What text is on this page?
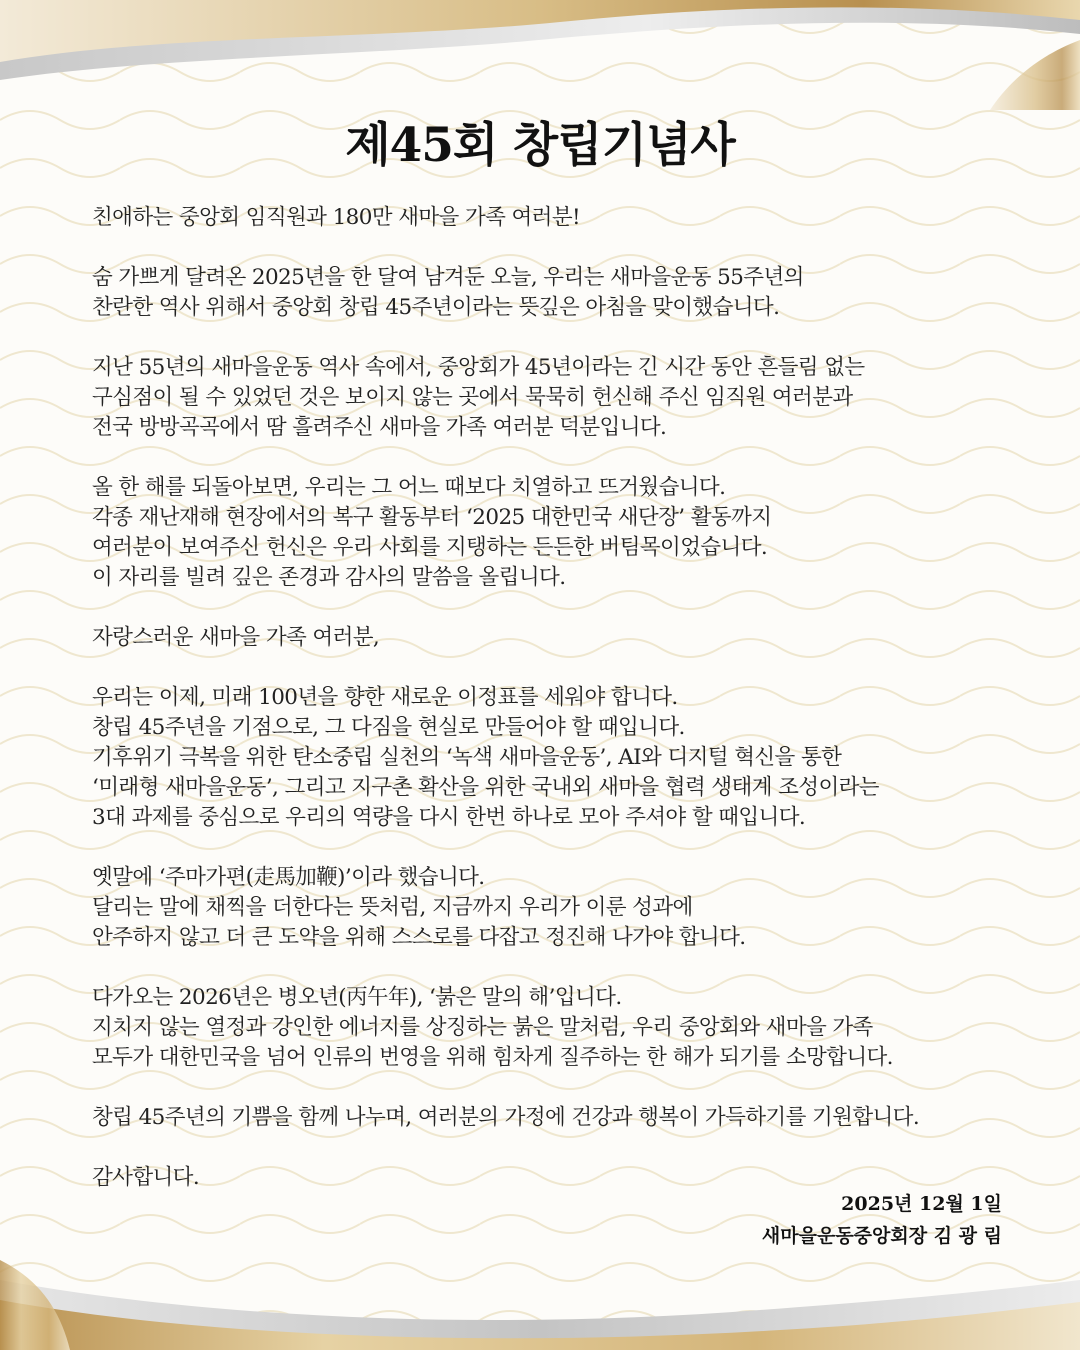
제45회 창립기념사

친애하는 중앙회 임직원과 180만 새마을 가족 여러분!

숨 가쁘게 달려온 2025년을 한 달여 남겨둔 오늘, 우리는 새마을운동 55주년의
찬란한 역사 위해서 중앙회 창립 45주년이라는 뜻깊은 아침을 맞이했습니다.

지난 55년의 새마을운동 역사 속에서, 중앙회가 45년이라는 긴 시간 동안 흔들림 없는
구심점이 될 수 있었던 것은 보이지 않는 곳에서 묵묵히 헌신해 주신 임직원 여러분과
전국 방방곡곡에서 땀 흘려주신 새마을 가족 여러분 덕분입니다.

올 한 해를 되돌아보면, 우리는 그 어느 때보다 치열하고 뜨거웠습니다.
각종 재난재해 현장에서의 복구 활동부터 ‘2025 대한민국 새단장’ 활동까지
여러분이 보여주신 헌신은 우리 사회를 지탱하는 든든한 버팀목이었습니다.
이 자리를 빌려 깊은 존경과 감사의 말씀을 올립니다.

자랑스러운 새마을 가족 여러분,

우리는 이제, 미래 100년을 향한 새로운 이정표를 세워야 합니다.
창립 45주년을 기점으로, 그 다짐을 현실로 만들어야 할 때입니다.
기후위기 극복을 위한 탄소중립 실천의 ‘녹색 새마을운동’, AI와 디지털 혁신을 통한
‘미래형 새마을운동’, 그리고 지구촌 확산을 위한 국내외 새마을 협력 생태계 조성이라는
3대 과제를 중심으로 우리의 역량을 다시 한번 하나로 모아 주셔야 할 때입니다.

옛말에 ‘주마가편(走馬加鞭)’이라 했습니다.
달리는 말에 채찍을 더한다는 뜻처럼, 지금까지 우리가 이룬 성과에
안주하지 않고 더 큰 도약을 위해 스스로를 다잡고 정진해 나가야 합니다.

다가오는 2026년은 병오년(丙午年), ‘붉은 말의 해’입니다.
지치지 않는 열정과 강인한 에너지를 상징하는 붉은 말처럼, 우리 중앙회와 새마을 가족
모두가 대한민국을 넘어 인류의 번영을 위해 힘차게 질주하는 한 해가 되기를 소망합니다.

창립 45주년의 기쁨을 함께 나누며, 여러분의 가정에 건강과 행복이 가득하기를 기원합니다.

감사합니다.

2025년 12월 1일
새마을운동중앙회장 김 광 림
